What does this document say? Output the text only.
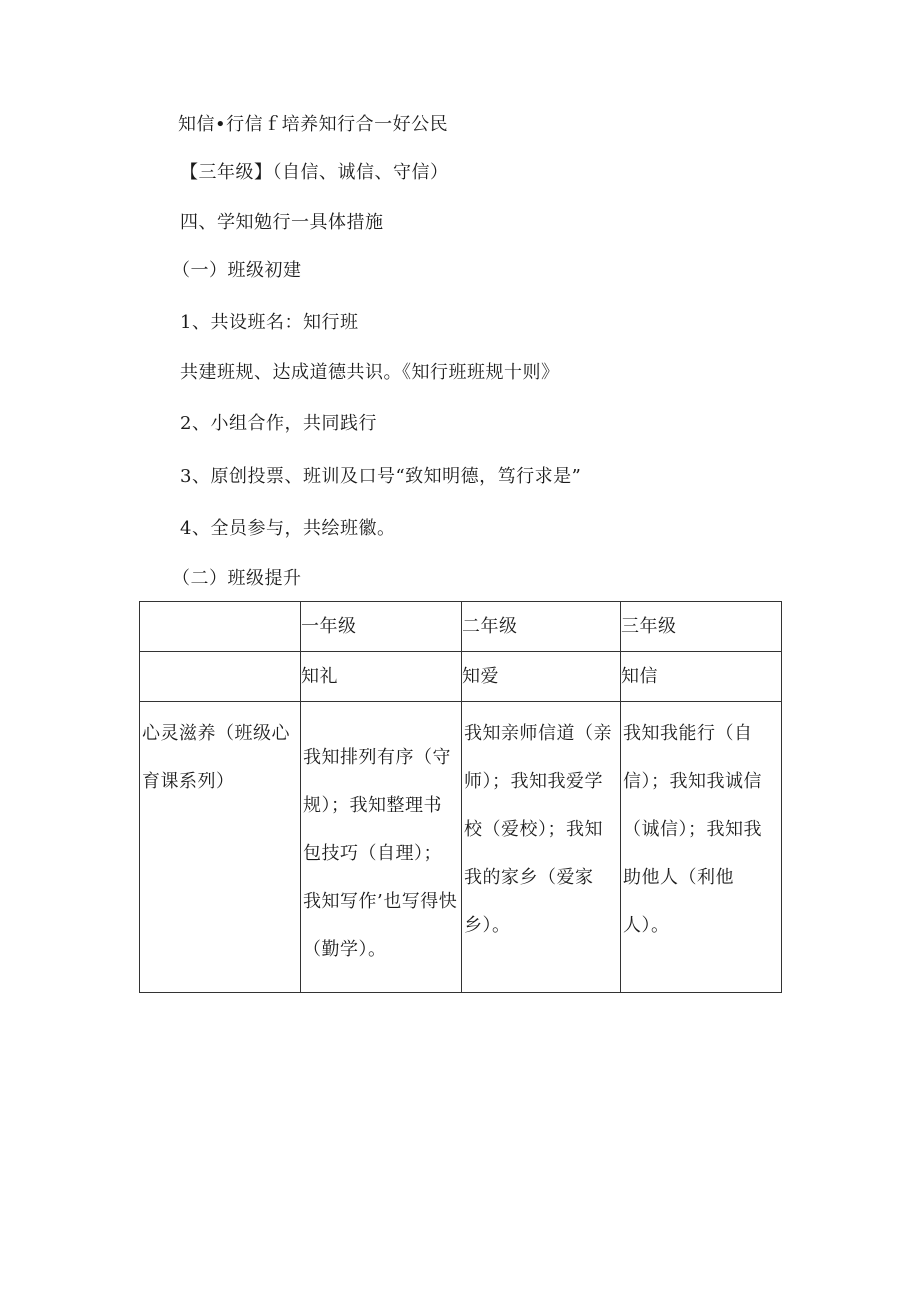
知信•行信ｆ培养知行合一好公民
【三年级】（自信、诚信、守信）
四、学知勉行一具体措施
（一）班级初建
1、共设班名：知行班
共建班规、达成道德共识。《知行班班规十则》
2、小组合作，共同践行
3、原创投票、班训及口号“致知明德，笃行求是”
4、全员参与，共绘班徽。
（二）班级提升
	一年级	二年级	三年级
	知礼	知爱	知信

心灵滋养（班级心育课系列）	我知排列有序（守规）；我知整理书包技巧（自理）；我知写作’也写得快（勤学）。	我知亲师信道（亲师）；我知我爱学校（爱校）；我知我的家乡（爱家乡）。	我知我能行（自信）；我知我诚信（诚信）；我知我助他人（利他人）。
